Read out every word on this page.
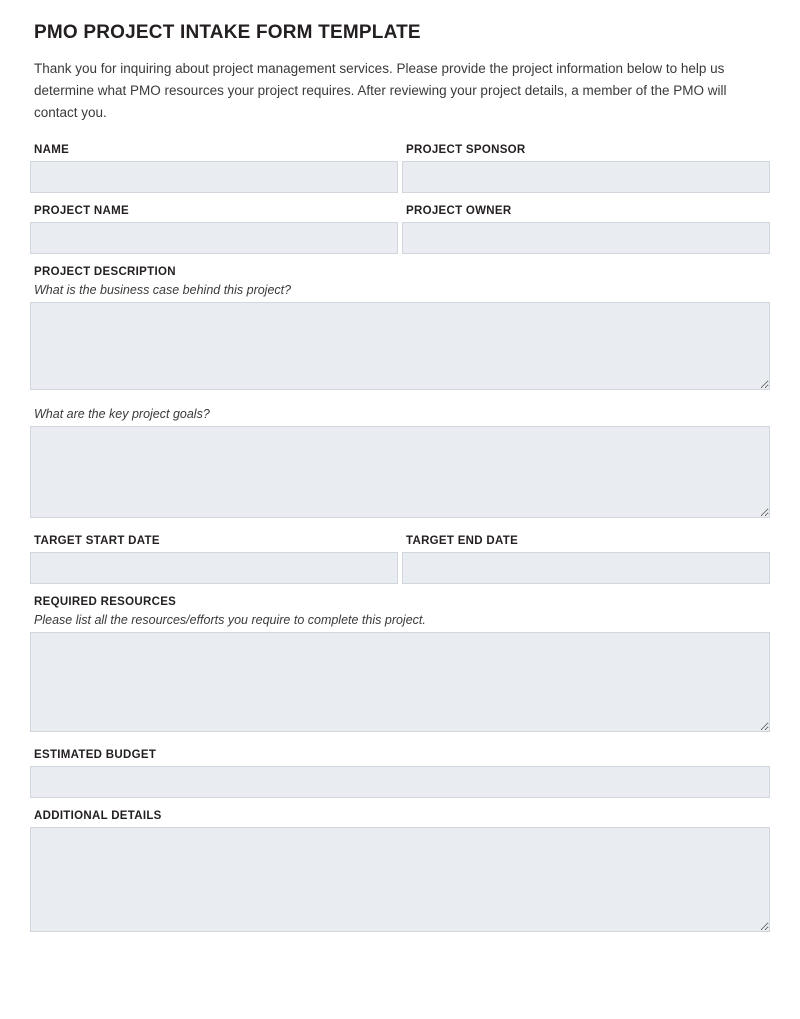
PMO PROJECT INTAKE FORM TEMPLATE

Thank you for inquiring about project management services. Please provide the project information below to help us determine what PMO resources your project requires. After reviewing your project details, a member of the PMO will contact you.

NAME	PROJECT SPONSOR
PROJECT NAME	PROJECT OWNER
PROJECT DESCRIPTION
What is the business case behind this project?
What are the key project goals?
TARGET START DATE	TARGET END DATE
REQUIRED RESOURCES
Please list all the resources/efforts you require to complete this project.
ESTIMATED BUDGET
ADDITIONAL DETAILS
